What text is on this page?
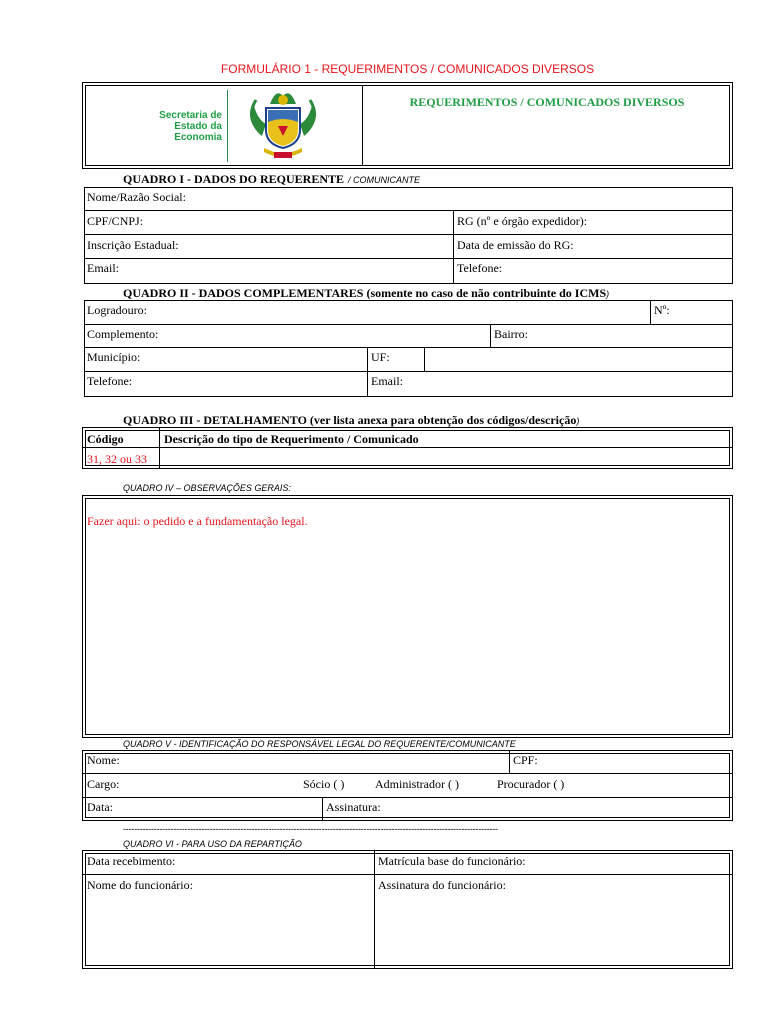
FORMULÁRIO 1 - REQUERIMENTOS / COMUNICADOS DIVERSOS
Secretaria de
Estado da
Economia
REQUERIMENTOS / COMUNICADOS DIVERSOS
QUADRO I - DADOS DO REQUERENTE / COMUNICANTE
Nome/Razão Social:
CPF/CNPJ:	RG (nº e órgão expedidor):
Inscrição Estadual:	Data de emissão do RG:
Email:	Telefone:
QUADRO II - DADOS COMPLEMENTARES (somente no caso de não contribuinte do ICMS)
Logradouro:	Nº:
Complemento:	Bairro:
Município:	UF:
Telefone:	Email:
QUADRO III - DETALHAMENTO (ver lista anexa para obtenção dos códigos/descrição)
Código	Descrição do tipo de Requerimento / Comunicado
31, 32 ou 33
QUADRO IV – OBSERVAÇÕES GERAIS:
Fazer aqui: o pedido e a fundamentação legal.
QUADRO V - IDENTIFICAÇÃO DO RESPONSÁVEL LEGAL DO REQUERENTE/COMUNICANTE
Nome:	CPF:
Cargo:	Sócio ( )	Administrador ( )	Procurador ( )
Data:	Assinatura:
--------------------------------------------------------------------------------------------------------------------------------------
QUADRO VI - PARA USO DA REPARTIÇÃO
Data recebimento:	Matrícula base do funcionário:
Nome do funcionário:	Assinatura do funcionário:
